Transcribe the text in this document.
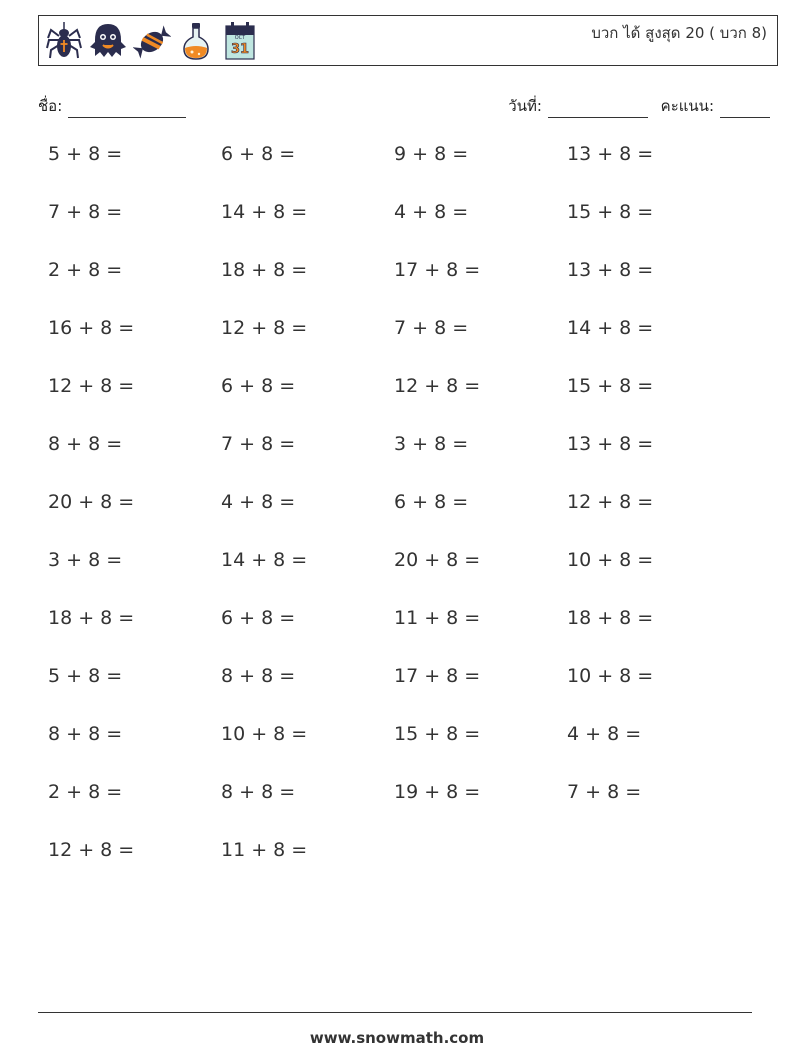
OCT
31
บวก ได้ สูงสุด 20 ( บวก 8)
ชื่อ:	วันที่:	คะแนน:
5 + 8 =	6 + 8 =	9 + 8 =	13 + 8 =
7 + 8 =	14 + 8 =	4 + 8 =	15 + 8 =
2 + 8 =	18 + 8 =	17 + 8 =	13 + 8 =
16 + 8 =	12 + 8 =	7 + 8 =	14 + 8 =
12 + 8 =	6 + 8 =	12 + 8 =	15 + 8 =
8 + 8 =	7 + 8 =	3 + 8 =	13 + 8 =
20 + 8 =	4 + 8 =	6 + 8 =	12 + 8 =
3 + 8 =	14 + 8 =	20 + 8 =	10 + 8 =
18 + 8 =	6 + 8 =	11 + 8 =	18 + 8 =
5 + 8 =	8 + 8 =	17 + 8 =	10 + 8 =
8 + 8 =	10 + 8 =	15 + 8 =	4 + 8 =
2 + 8 =	8 + 8 =	19 + 8 =	7 + 8 =
12 + 8 =	11 + 8 =
www.snowmath.com
